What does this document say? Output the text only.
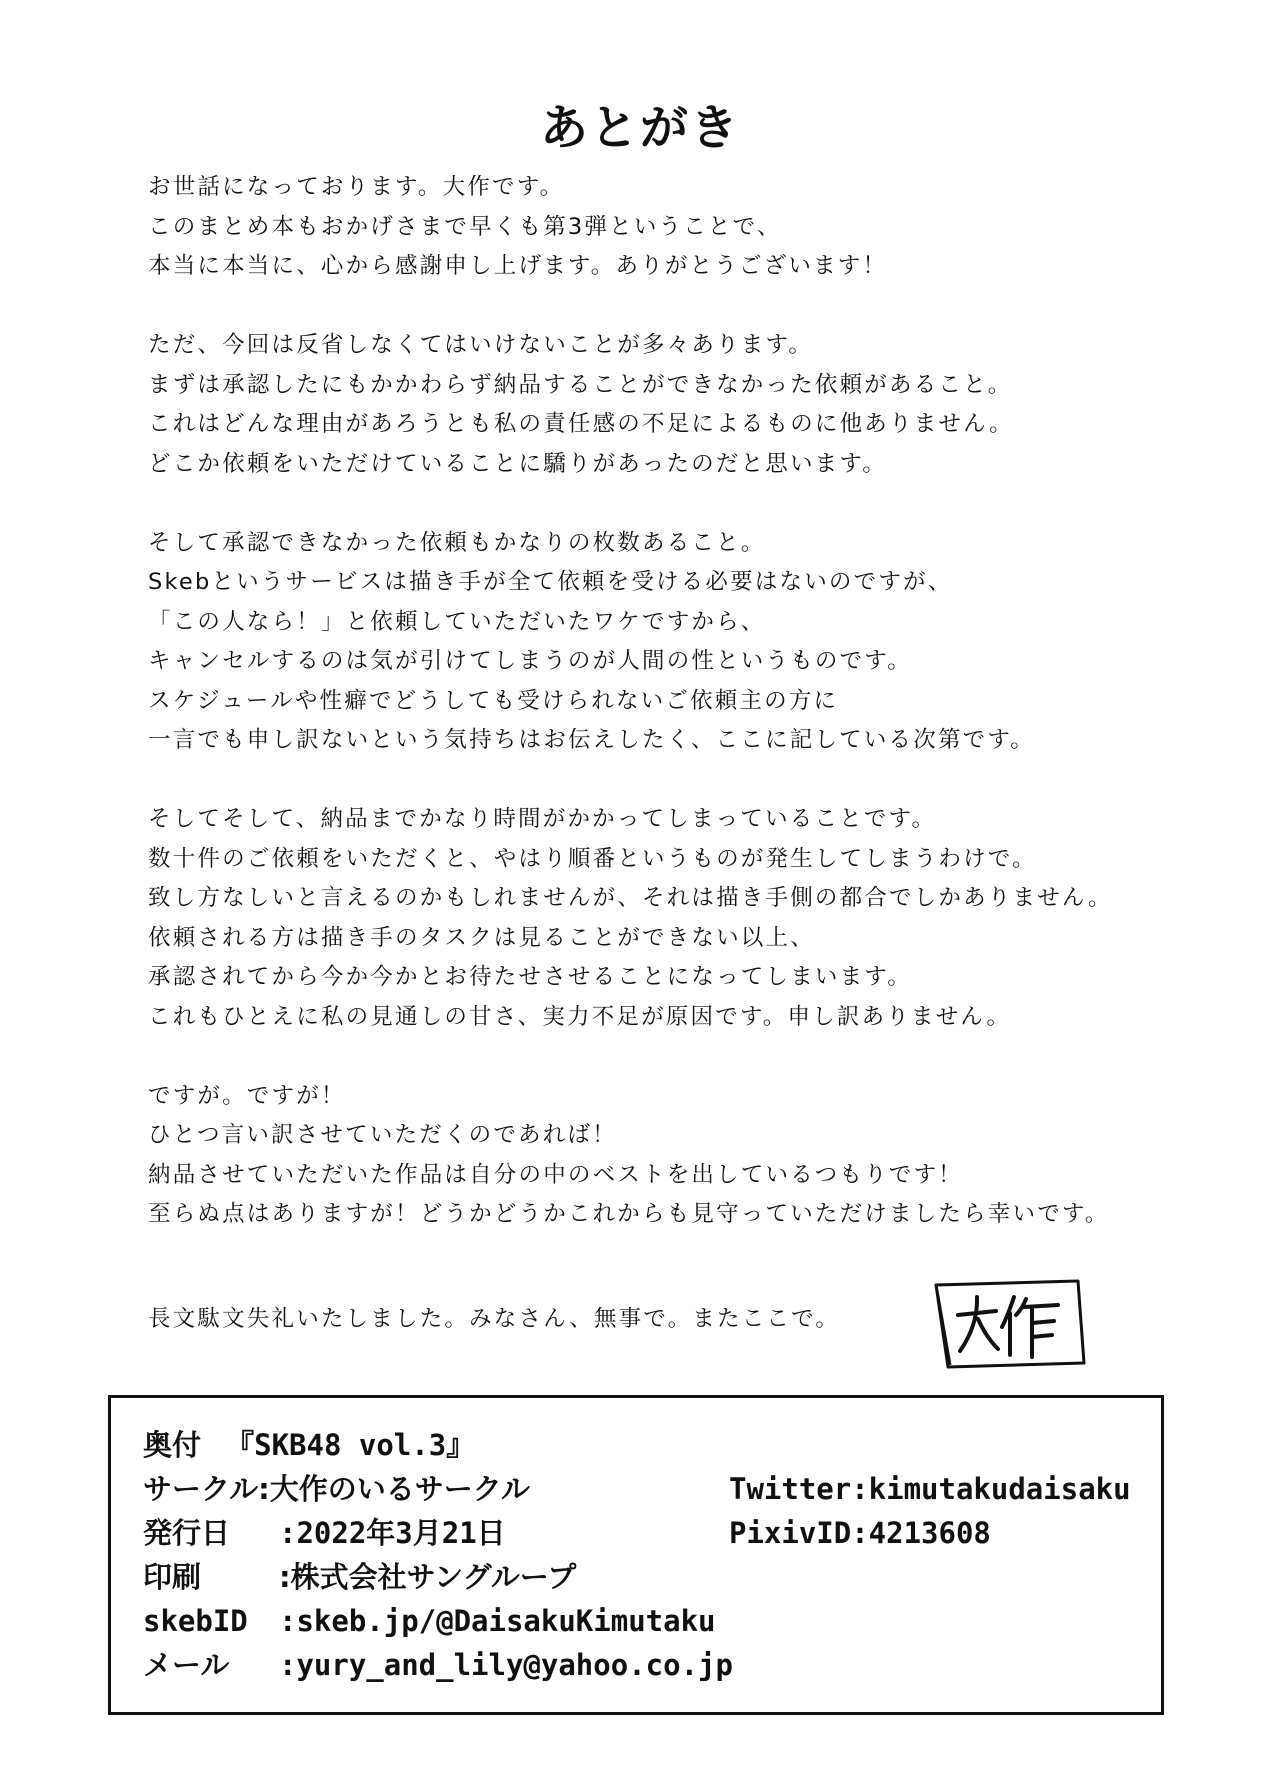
あとがき
お世話になっております。大作です。
このまとめ本もおかげさまで早くも第3弾ということで、
本当に本当に、心から感謝申し上げます。ありがとうございます！
ただ、今回は反省しなくてはいけないことが多々あります。
まずは承認したにもかかわらず納品することができなかった依頼があること。
これはどんな理由があろうとも私の責任感の不足によるものに他ありません。
どこか依頼をいただけていることに驕りがあったのだと思います。
そして承認できなかった依頼もかなりの枚数あること。
Skebというサービスは描き手が全て依頼を受ける必要はないのですが、
「この人なら！」と依頼していただいたワケですから、
キャンセルするのは気が引けてしまうのが人間の性というものです。
スケジュールや性癖でどうしても受けられないご依頼主の方に
一言でも申し訳ないという気持ちはお伝えしたく、ここに記している次第です。
そしてそして、納品までかなり時間がかかってしまっていることです。
数十件のご依頼をいただくと、やはり順番というものが発生してしまうわけで。
致し方なしいと言えるのかもしれませんが、それは描き手側の都合でしかありません。
依頼される方は描き手のタスクは見ることができない以上、
承認されてから今か今かとお待たせさせることになってしまいます。
これもひとえに私の見通しの甘さ、実力不足が原因です。申し訳ありません。
ですが。ですが！
ひとつ言い訳させていただくのであれば！
納品させていただいた作品は自分の中のベストを出しているつもりです！
至らぬ点はありますが！どうかどうかこれからも見守っていただけましたら幸いです。
長文駄文失礼いたしました。みなさん、無事で。またここで。
奥付 『SKB48 vol.3』
サークル:大作のいるサークル
発行日 :2022年3月21日
印刷	:株式会社サングループ
skebID :skeb.jp/@DaisakuKimutaku
メール :yury_and_lily@yahoo.co.jp
Twitter:kimutakudaisaku
PixivID:4213608
